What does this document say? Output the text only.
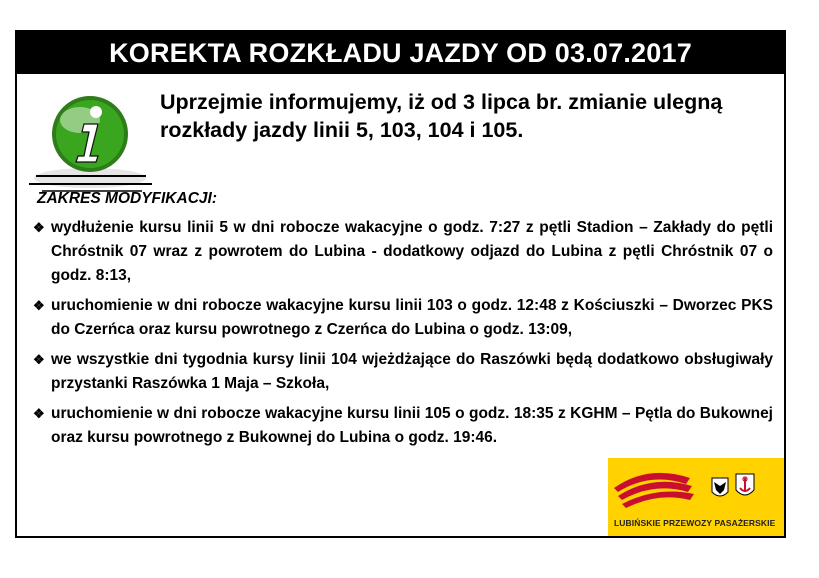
KOREKTA ROZKŁADU JAZDY OD 03.07.2017
Uprzejmie informujemy, iż od 3 lipca br. zmianie ulegną
rozkłady jazdy linii 5, 103, 104 i 105.
ZAKRES MODYFIKACJI:
❖ wydłużenie kursu linii 5 w dni robocze wakacyjne o godz. 7:27 z pętli Stadion – Zakłady do pętli Chróstnik 07 wraz z powrotem do Lubina - dodatkowy odjazd do Lubina z pętli Chróstnik 07 o godz. 8:13,
❖ uruchomienie w dni robocze wakacyjne kursu linii 103 o godz. 12:48 z Kościuszki – Dworzec PKS do Czerńca oraz kursu powrotnego z Czerńca do Lubina o godz. 13:09,
❖ we wszystkie dni tygodnia kursy linii 104 wjeżdżające do Raszówki będą dodatkowo obsługiwały przystanki Raszówka 1 Maja – Szkoła,
❖ uruchomienie w dni robocze wakacyjne kursu linii 105 o godz. 18:35 z KGHM – Pętla do Bukownej oraz kursu powrotnego z Bukownej do Lubina o godz. 19:46.
LUBIŃSKIE PRZEWOZY PASAŻERSKIE
